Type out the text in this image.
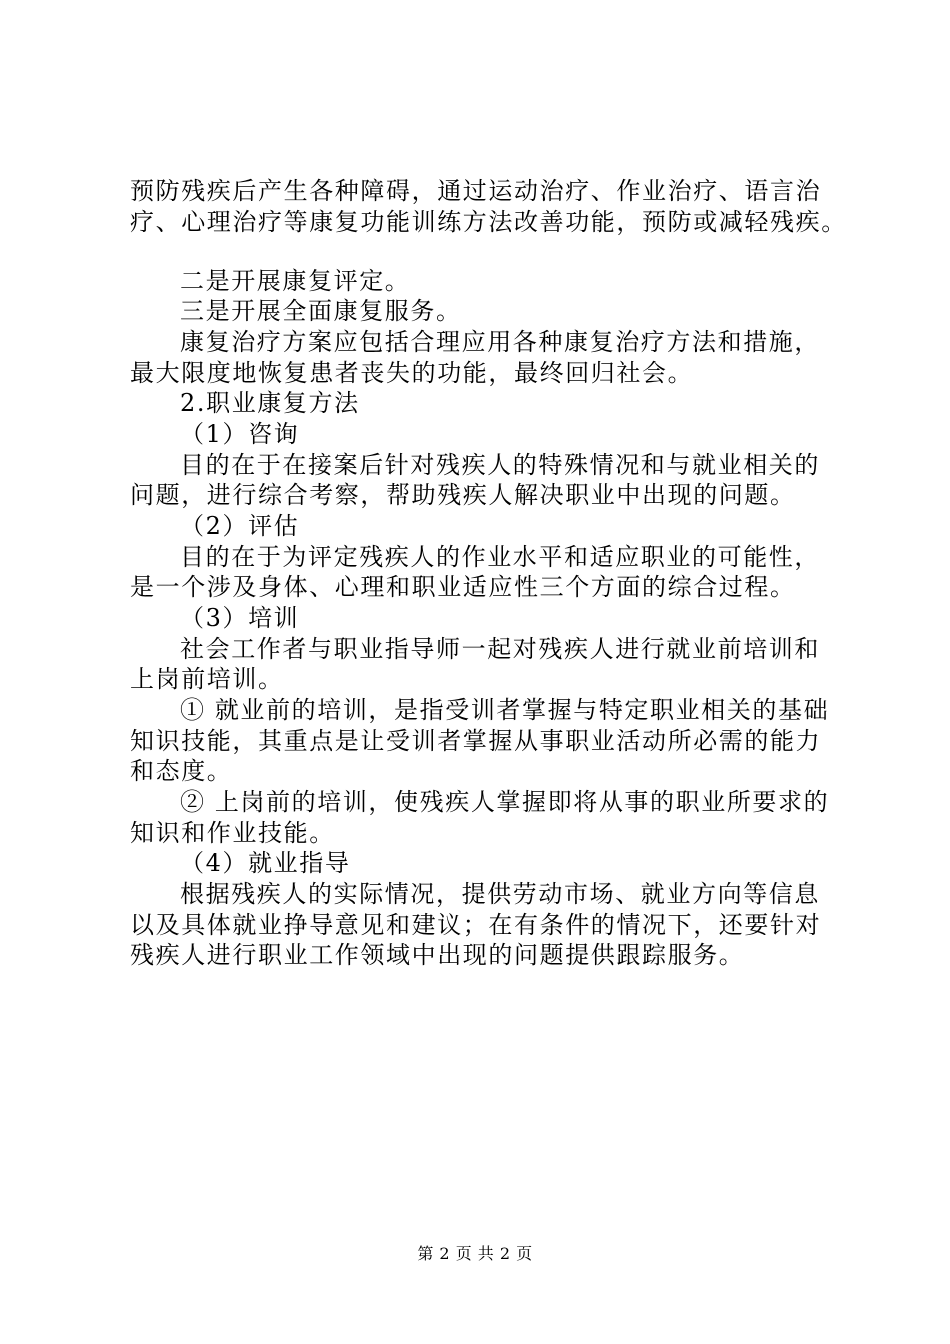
预防残疾后产生各种障碍，通过运动治疗、作业治疗、语言治
疗、心理治疗等康复功能训练方法改善功能，预防或减轻残疾。
二是开展康复评定。
三是开展全面康复服务。
康复治疗方案应包括合理应用各种康复治疗方法和措施，
最大限度地恢复患者丧失的功能，最终回归社会。
2.职业康复方法
（1）咨询
目的在于在接案后针对残疾人的特殊情况和与就业相关的
问题，进行综合考察，帮助残疾人解决职业中出现的问题。
（2）评估
目的在于为评定残疾人的作业水平和适应职业的可能性，
是一个涉及身体、心理和职业适应性三个方面的综合过程。
（3）培训
社会工作者与职业指导师一起对残疾人进行就业前培训和
上岗前培训。
① 就业前的培训，是指受训者掌握与特定职业相关的基础
知识技能，其重点是让受训者掌握从事职业活动所必需的能力
和态度。
② 上岗前的培训，使残疾人掌握即将从事的职业所要求的
知识和作业技能。
（4）就业指导
根据残疾人的实际情况，提供劳动市场、就业方向等信息
以及具体就业挣导意见和建议；在有条件的情况下，还要针对
残疾人进行职业工作领域中出现的问题提供跟踪服务。
第 2 页 共 2 页
